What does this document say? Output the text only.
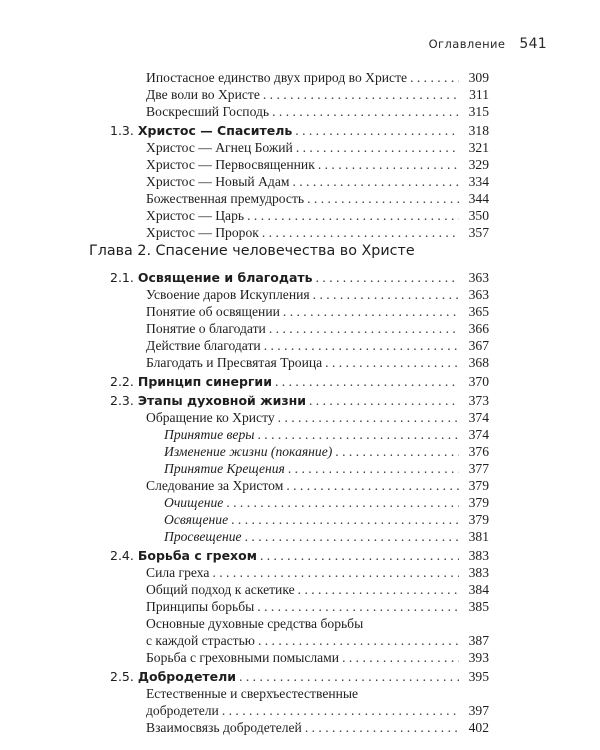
Оглавление 541
Ипостасное единство двух природ во Христе . . .	309
Две воли во Христе . . .	311
Воскресший Господь . . .	315
1.3. Христос — Спаситель . . .	318
Христос — Агнец Божий . . .	321
Христос — Первосвященник . . .	329
Христос — Новый Адам . . .	334
Божественная премудрость . . .	344
Христос — Царь . . .	350
Христос — Пророк . . .	357
Глава 2. Спасение человечества во Христе
2.1. Освящение и благодать . . .	363
Усвоение даров Искупления . . .	363
Понятие об освящении . . .	365
Понятие о благодати . . .	366
Действие благодати . . .	367
Благодать и Пресвятая Троица . . .	368
2.2. Принцип синергии . . .	370
2.3. Этапы духовной жизни . . .	373
Обращение ко Христу . . .	374
Принятие веры . . .	374
Изменение жизни (покаяние) . . .	376
Принятие Крещения . . .	377
Следование за Христом . . .	379
Очищение . . .	379
Освящение . . .	379
Просвещение . . .	381
2.4. Борьба с грехом . . .	383
Сила греха . . .	383
Общий подход к аскетике . . .	384
Принципы борьбы . . .	385
Основные духовные средства борьбы
с каждой страстью . . .	387
Борьба с греховными помыслами . . .	393
2.5. Добродетели . . .	395
Естественные и сверхъестественные
добродетели . . .	397
Взаимосвязь добродетелей . . .	402
